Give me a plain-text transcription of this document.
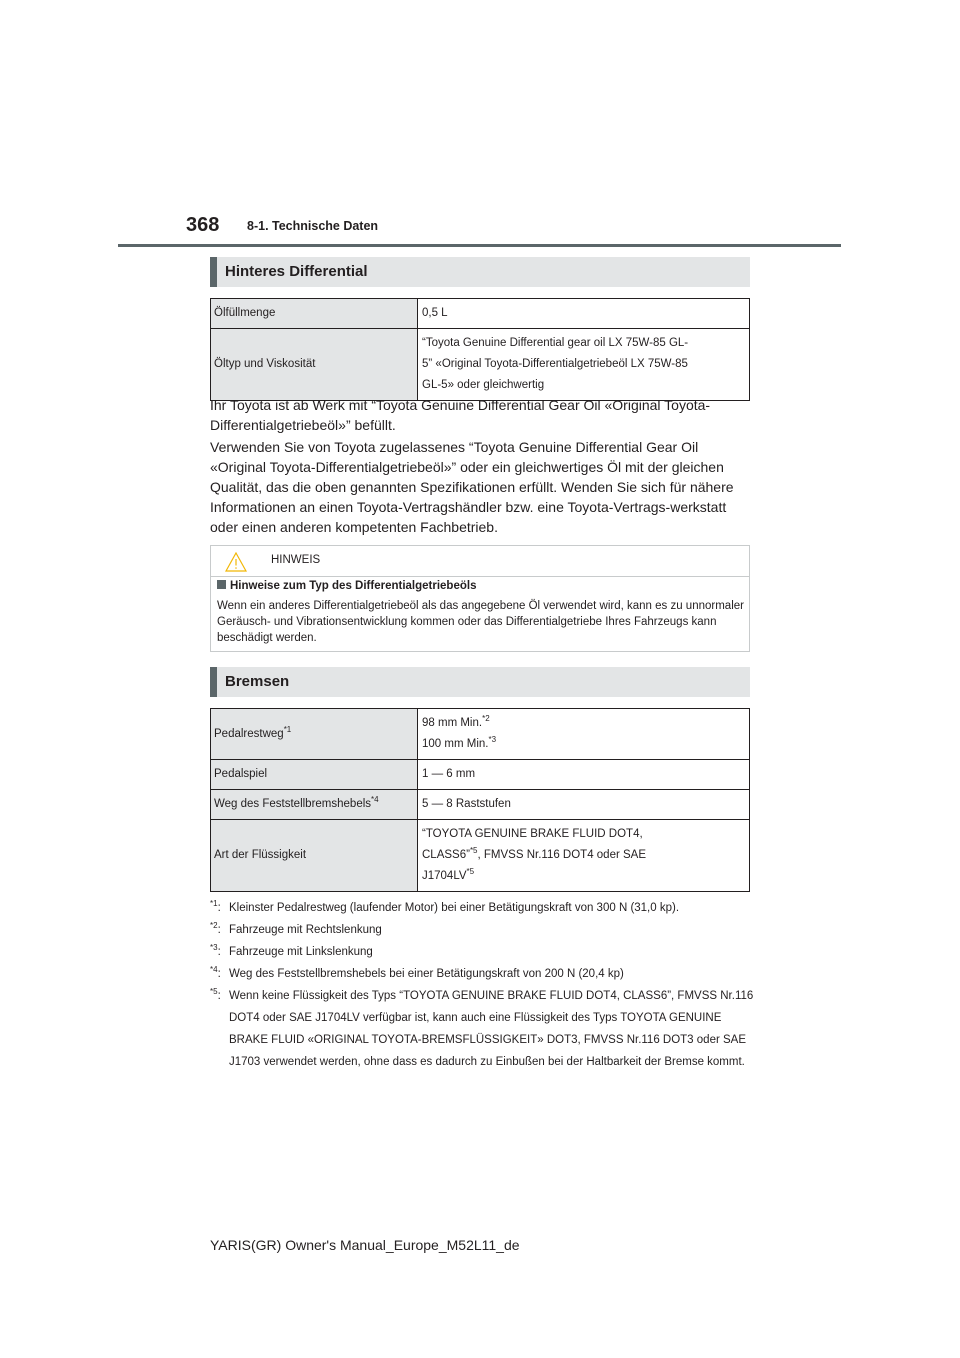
368 8-1. Technische Daten
Hinteres Differential
Ölfüllmenge	0,5 L
Öltyp und Viskosität	“Toyota Genuine Differential gear oil LX 75W-85 GL-
5” «Original Toyota-Differentialgetriebeöl LX 75W-85
GL-5» oder gleichwertig

Ihr Toyota ist ab Werk mit “Toyota Genuine Differential Gear Oil «Original Toyota-Differentialgetriebeöl»” befüllt.

Verwenden Sie von Toyota zugelassenes “Toyota Genuine Differential Gear Oil «Original Toyota-Differentialgetriebeöl»” oder ein gleichwertiges Öl mit der gleichen Qualität, das die oben genannten Spezifikationen erfüllt. Wenden Sie sich für nähere Informationen an einen Toyota-Vertragshändler bzw. eine Toyota-Vertrags-werkstatt oder einen anderen kompetenten Fachbetrieb.

HINWEIS
Hinweise zum Typ des Differentialgetriebeöls
Wenn ein anderes Differentialgetriebeöl als das angegebene Öl verwendet wird, kann es zu unnormaler Geräusch- und Vibrationsentwicklung kommen oder das Differentialgetriebe Ihres Fahrzeugs kann beschädigt werden.
Bremsen
Pedalrestweg$^{*1}$	98 mm Min.$^{*2}$
100 mm Min.$^{*3}$

Pedalspiel	1 — 6 mm
Weg des Feststellbremshebels$^{*4}$	5 — 8 Raststufen
Art der Flüssigkeit	“TOYOTA GENUINE BRAKE FLUID DOT4,
CLASS6”$^{*5}$, FMVSS Nr.116 DOT4 oder SAE
J1704LV$^{*5}$
$^{*1}$: Kleinster Pedalrestweg (laufender Motor) bei einer Betätigungskraft von 300 N (31,0 kp).
$^{*2}$: Fahrzeuge mit Rechtslenkung
$^{*3}$: Fahrzeuge mit Linkslenkung
$^{*4}$: Weg des Feststellbremshebels bei einer Betätigungskraft von 200 N (20,4 kp)
$^{*5}$: Wenn keine Flüssigkeit des Typs “TOYOTA GENUINE BRAKE FLUID DOT4, CLASS6”, FMVSS Nr.116 DOT4 oder SAE J1704LV verfügbar ist, kann auch eine Flüssigkeit des Typs TOYOTA GENUINE BRAKE FLUID «ORIGINAL TOYOTA-BREMSFLÜSSIGKEIT» DOT3, FMVSS Nr.116 DOT3 oder SAE J1703 verwendet werden, ohne dass es dadurch zu Einbußen bei der Haltbarkeit der Bremse kommt.
YARIS(GR) Owner's Manual_Europe_M52L11_de
